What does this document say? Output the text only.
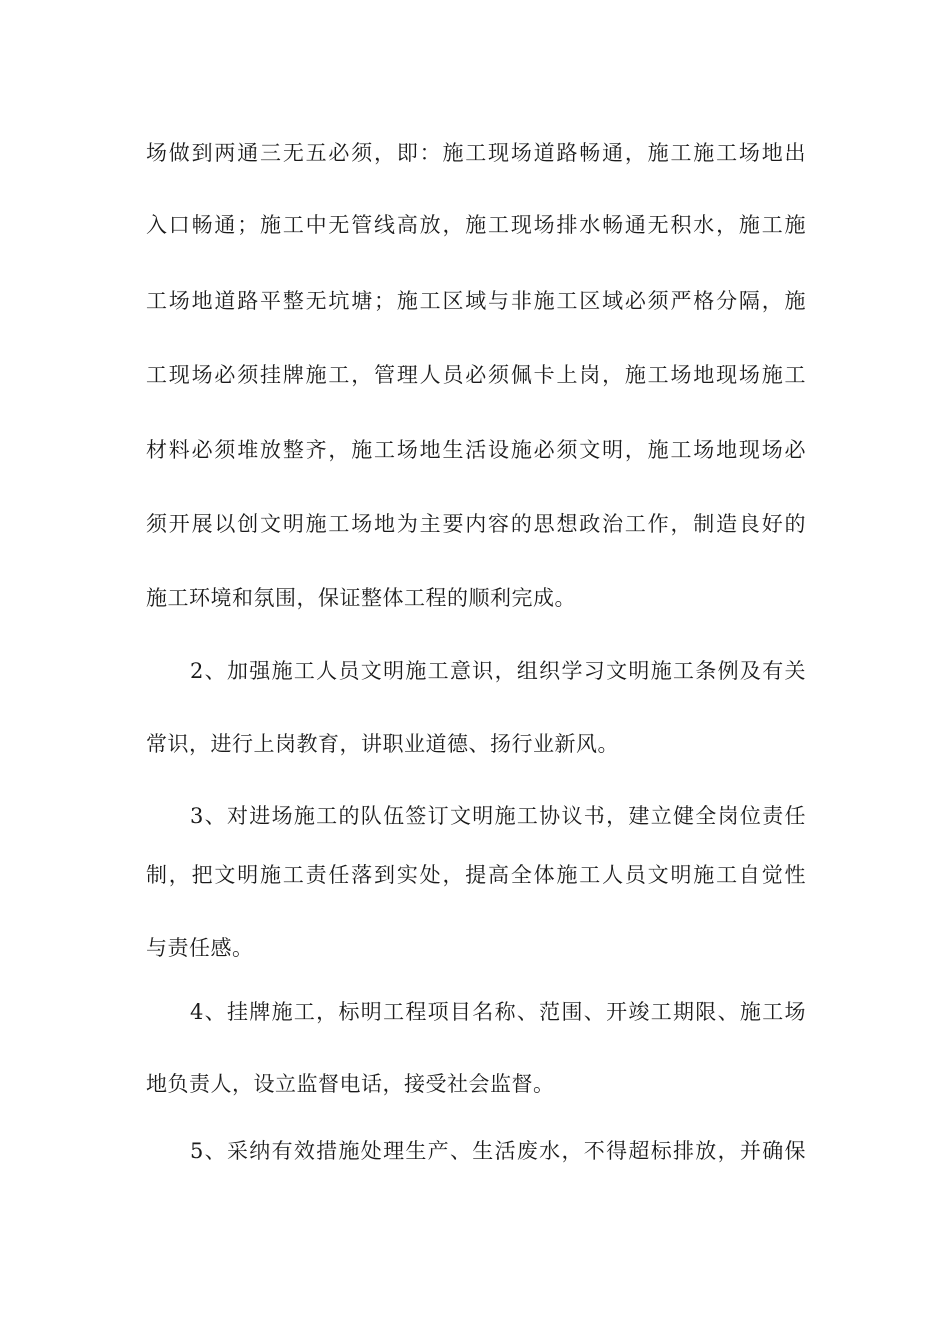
场做到两通三无五必须，即：施工现场道路畅通，施工施工场地出
入口畅通；施工中无管线高放，施工现场排水畅通无积水，施工施
工场地道路平整无坑塘；施工区域与非施工区域必须严格分隔，施
工现场必须挂牌施工，管理人员必须佩卡上岗，施工场地现场施工
材料必须堆放整齐，施工场地生活设施必须文明，施工场地现场必
须开展以创文明施工场地为主要内容的思想政治工作，制造良好的
施工环境和氛围，保证整体工程的顺利完成。
2、加强施工人员文明施工意识，组织学习文明施工条例及有关
常识，进行上岗教育，讲职业道德、扬行业新风。
3、对进场施工的队伍签订文明施工协议书，建立健全岗位责任
制，把文明施工责任落到实处，提高全体施工人员文明施工自觉性
与责任感。
4、挂牌施工，标明工程项目名称、范围、开竣工期限、施工场
地负责人，设立监督电话，接受社会监督。
5、采纳有效措施处理生产、生活废水，不得超标排放，并确保
